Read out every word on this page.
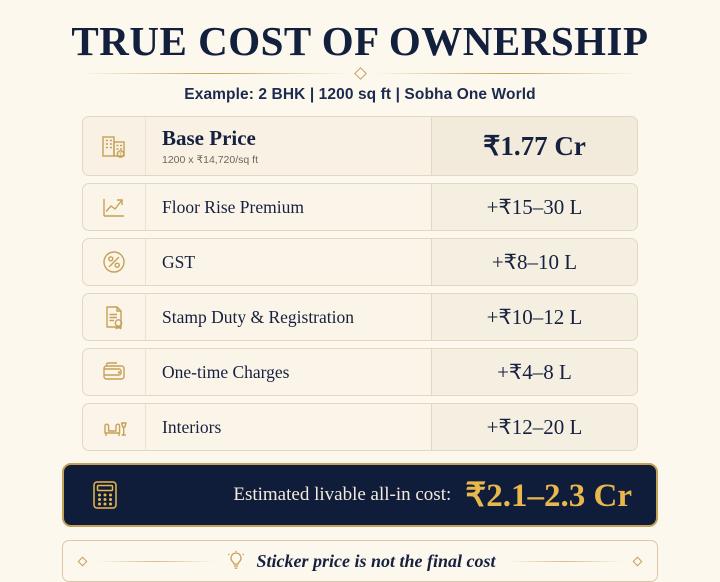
TRUE COST OF OWNERSHIP
Example: 2 BHK | 1200 sq ft | Sobha One World
₹
Base Price
1200 x ₹14,720/sq ft	₹1.77 Cr
Floor Rise Premium	+₹15–30 L
GST	+₹8–10 L
Stamp Duty & Registration	+₹10–12 L
One-time Charges	+₹4–8 L
Interiors	+₹12–20 L
Estimated livable all-in cost: ₹2.1–2.3 Cr
Sticker price is not the final cost
